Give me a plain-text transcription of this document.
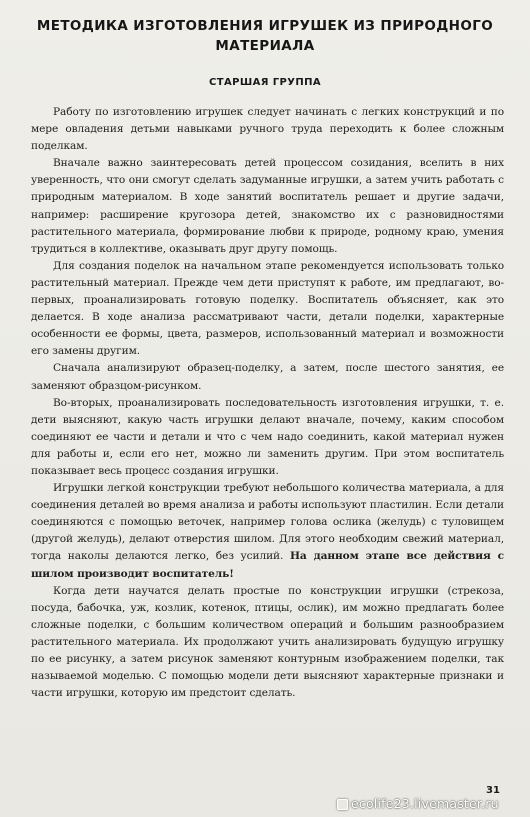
МЕТОДИКА ИЗГОТОВЛЕНИЯ ИГРУШЕК ИЗ ПРИРОДНОГО МАТЕРИАЛА
СТАРШАЯ ГРУППА

Работу по изготовлению игрушек следует начинать с легких конструкций и по мере овладения детьми навыками ручного труда переходить к более сложным поделкам.

Вначале важно заинтересовать детей процессом созидания, вселить в них уверенность, что они смогут сделать задуманные игрушки, а затем учить работать с природным материалом. В ходе занятий воспитатель решает и другие задачи, например: расширение кругозора детей, знакомство их с разновидностями растительного материала, формирование любви к природе, родному краю, умения трудиться в коллективе, оказывать друг другу помощь.

Для создания поделок на начальном этапе рекомендуется использовать только растительный материал. Прежде чем дети приступят к работе, им предлагают, во-первых, проанализировать готовую поделку. Воспитатель объясняет, как это делается. В ходе анализа рассматривают части, детали поделки, характерные особенности ее формы, цвета, размеров, использованный материал и возможности его замены другим.

Сначала анализируют образец-поделку, а затем, после шестого занятия, ее заменяют образцом-рисунком.

Во-вторых, проанализировать последовательность изготовления игрушки, т. е. дети выясняют, какую часть игрушки делают вначале, почему, каким способом соединяют ее части и детали и что с чем надо соединить, какой материал нужен для работы и, если его нет, можно ли заменить другим. При этом воспитатель показывает весь процесс создания игрушки.

Игрушки легкой конструкции требуют небольшого количества материала, а для соединения деталей во время анализа и работы используют пластилин. Если детали соединяются с помощью веточек, например голова ослика (желудь) с туловищем (другой желудь), делают отверстия шилом. Для этого необходим свежий материал, тогда наколы делаются легко, без усилий. На данном этапе все действия с шилом производит воспитатель!

Когда дети научатся делать простые по конструкции игрушки (стрекоза, посуда, бабочка, уж, козлик, котенок, птицы, ослик), им можно предлагать более сложные поделки, с большим количеством операций и большим разнообразием растительного материала. Их продолжают учить анализировать будущую игрушку по ее рисунку, а затем рисунок заменяют контурным изображением поделки, так называемой моделью. С помощью модели дети выясняют характерные признаки и части игрушки, которую им предстоит сделать.

31
ecolife23.livemaster.ru
